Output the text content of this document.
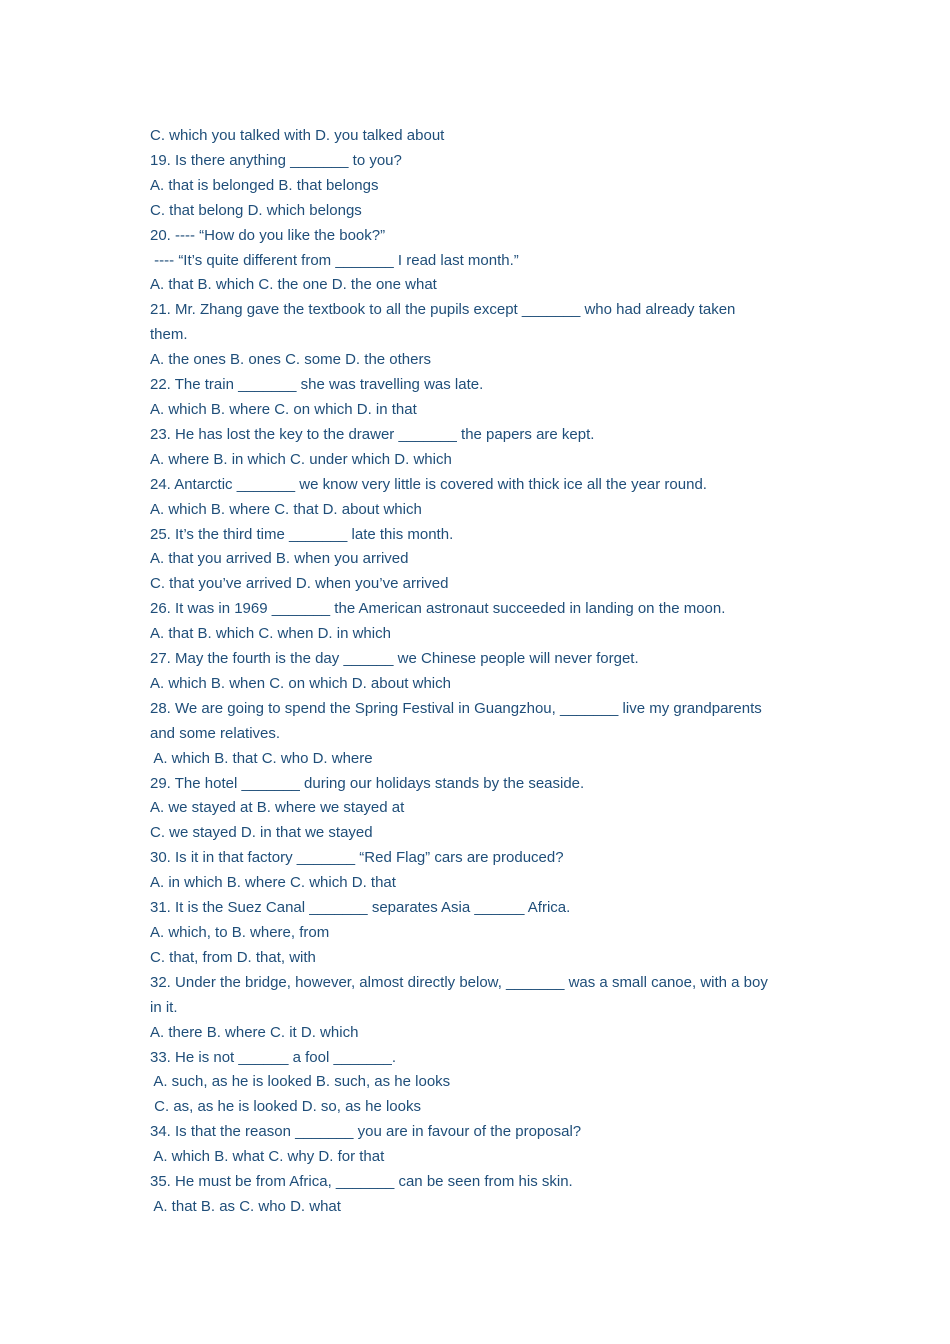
C. which you talked with D. you talked about

19. Is there anything _______ to you?

A. that is belonged B. that belongs

C. that belong D. which belongs

20. ---- “How do you like the book?”

---- “It’s quite different from _______ I read last month.”

A. that B. which C. the one D. the one what

21. Mr. Zhang gave the textbook to all the pupils except _______ who had already taken

them.

A. the ones B. ones C. some D. the others

22. The train _______ she was travelling was late.

A. which B. where C. on which D. in that

23. He has lost the key to the drawer _______ the papers are kept.

A. where B. in which C. under which D. which

24. Antarctic _______ we know very little is covered with thick ice all the year round.

A. which B. where C. that D. about which

25. It’s the third time _______ late this month.

A. that you arrived B. when you arrived

C. that you’ve arrived D. when you’ve arrived

26. It was in 1969 _______ the American astronaut succeeded in landing on the moon.

A. that B. which C. when D. in which

27. May the fourth is the day ______ we Chinese people will never forget.

A. which B. when C. on which D. about which

28. We are going to spend the Spring Festival in Guangzhou, _______ live my grandparents

and some relatives.

A. which B. that C. who D. where

29. The hotel _______ during our holidays stands by the seaside.

A. we stayed at B. where we stayed at

C. we stayed D. in that we stayed

30. Is it in that factory _______ “Red Flag” cars are produced?

A. in which B. where C. which D. that

31. It is the Suez Canal _______ separates Asia ______ Africa.

A. which, to B. where, from

C. that, from D. that, with

32. Under the bridge, however, almost directly below, _______ was a small canoe, with a boy

in it.

A. there B. where C. it D. which

33. He is not ______ a fool _______.

A. such, as he is looked B. such, as he looks

C. as, as he is looked D. so, as he looks

34. Is that the reason _______ you are in favour of the proposal?

A. which B. what C. why D. for that

35. He must be from Africa, _______ can be seen from his skin.

A. that B. as C. who D. what
